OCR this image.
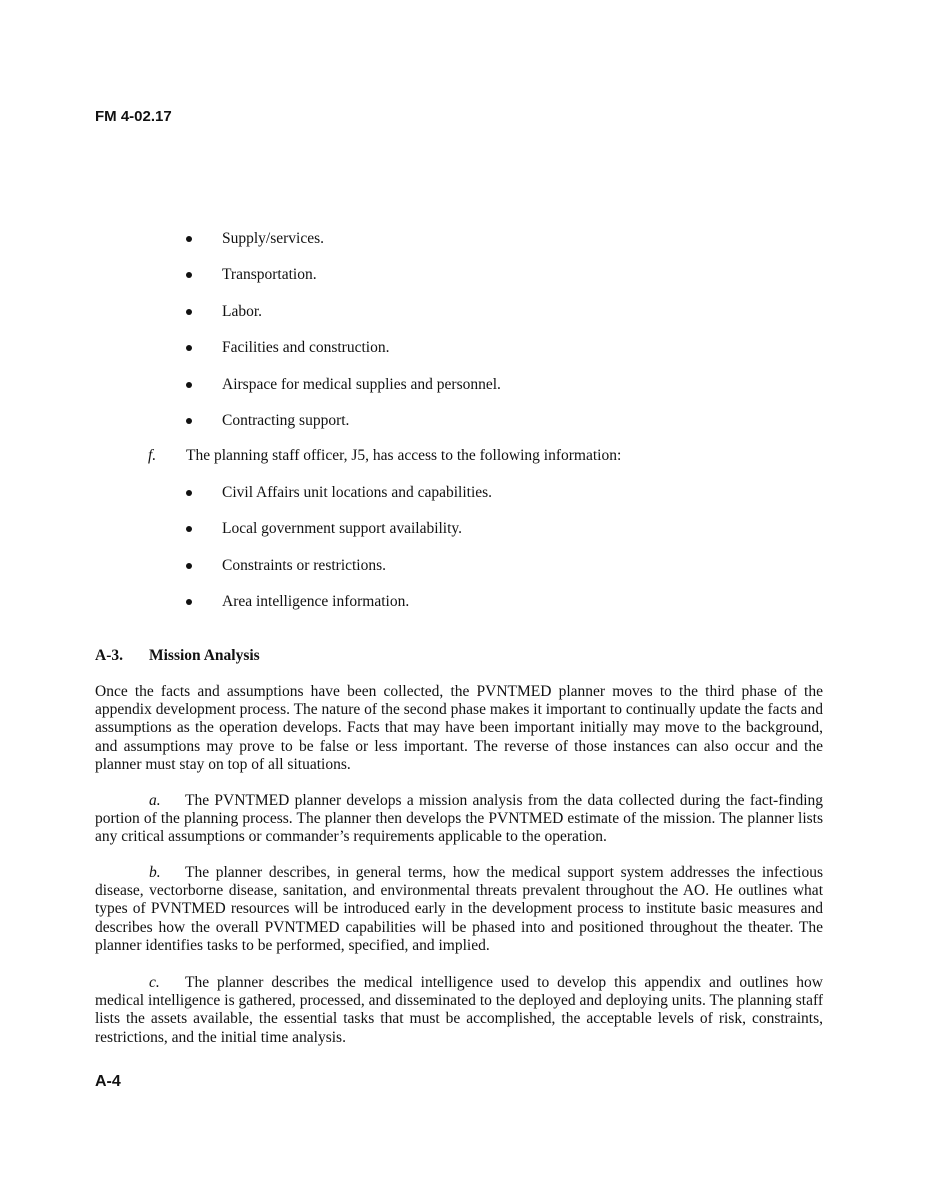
FM 4-02.17

Supply/services.
Transportation.
Labor.
Facilities and construction.
Airspace for medical supplies and personnel.
Contracting support.

f. The planning staff officer, J5, has access to the following information:

Civil Affairs unit locations and capabilities.
Local government support availability.
Constraints or restrictions.
Area intelligence information.
A-3. Mission Analysis

Once the facts and assumptions have been collected, the PVNTMED planner moves to the third phase of the appendix development process. The nature of the second phase makes it important to continually update the facts and assumptions as the operation develops. Facts that may have been important initially may move to the background, and assumptions may prove to be false or less important. The reverse of those instances can also occur and the planner must stay on top of all situations.

a. The PVNTMED planner develops a mission analysis from the data collected during the fact-finding portion of the planning process. The planner then develops the PVNTMED estimate of the mission. The planner lists any critical assumptions or commander’s requirements applicable to the operation.

b. The planner describes, in general terms, how the medical support system addresses the infectious disease, vectorborne disease, sanitation, and environmental threats prevalent throughout the AO. He outlines what types of PVNTMED resources will be introduced early in the development process to institute basic measures and describes how the overall PVNTMED capabilities will be phased into and positioned throughout the theater. The planner identifies tasks to be performed, specified, and implied.

c. The planner describes the medical intelligence used to develop this appendix and outlines how medical intelligence is gathered, processed, and disseminated to the deployed and deploying units. The planning staff lists the assets available, the essential tasks that must be accomplished, the acceptable levels of risk, constraints, restrictions, and the initial time analysis.

A-4
